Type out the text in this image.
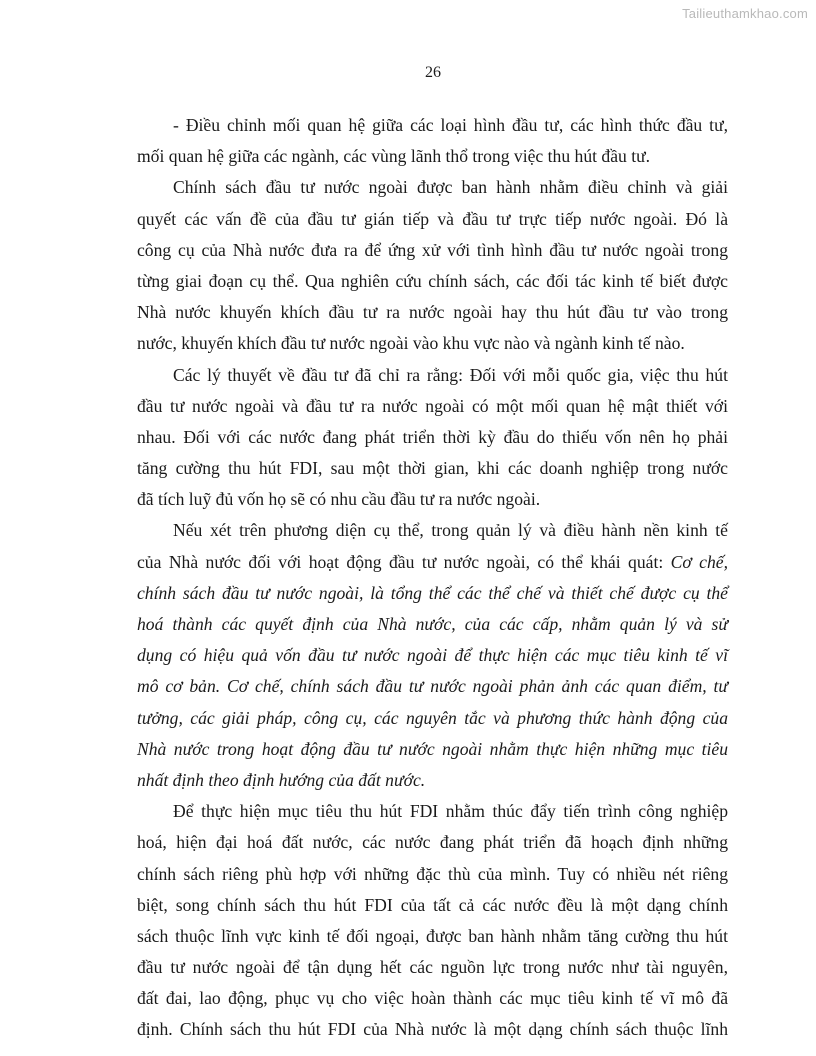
Tailieuthamkhao.com
26
- Điều chỉnh mối quan hệ giữa các loại hình đầu tư, các hình thức đầu tư,
mối quan hệ giữa các ngành, các vùng lãnh thổ trong việc thu hút đầu tư.
Chính sách đầu tư nước ngoài được ban hành nhằm điều chỉnh và giải
quyết các vấn đề của đầu tư gián tiếp và đầu tư trực tiếp nước ngoài. Đó là
công cụ của Nhà nước đưa ra để ứng xử với tình hình đầu tư nước ngoài trong
từng giai đoạn cụ thể. Qua nghiên cứu chính sách, các đối tác kinh tế biết được
Nhà nước khuyến khích đầu tư ra nước ngoài hay thu hút đầu tư vào trong
nước, khuyến khích đầu tư nước ngoài vào khu vực nào và ngành kinh tế nào.
Các lý thuyết về đầu tư đã chỉ ra rằng: Đối với mỗi quốc gia, việc thu hút
đầu tư nước ngoài và đầu tư ra nước ngoài có một mối quan hệ mật thiết với
nhau. Đối với các nước đang phát triển thời kỳ đầu do thiếu vốn nên họ phải
tăng cường thu hút FDI, sau một thời gian, khi các doanh nghiệp trong nước
đã tích luỹ đủ vốn họ sẽ có nhu cầu đầu tư ra nước ngoài.
Nếu xét trên phương diện cụ thể, trong quản lý và điều hành nền kinh tế
của Nhà nước đối với hoạt động đầu tư nước ngoài, có thể khái quát: Cơ chế,
chính sách đầu tư nước ngoài, là tổng thể các thể chế và thiết chế được cụ thể
hoá thành các quyết định của Nhà nước, của các cấp, nhằm quản lý và sử
dụng có hiệu quả vốn đầu tư nước ngoài để thực hiện các mục tiêu kinh tế vĩ
mô cơ bản. Cơ chế, chính sách đầu tư nước ngoài phản ảnh các quan điểm, tư
tưởng, các giải pháp, công cụ, các nguyên tắc và phương thức hành động của
Nhà nước trong hoạt động đầu tư nước ngoài nhằm thực hiện những mục tiêu
nhất định theo định hướng của đất nước.
Để thực hiện mục tiêu thu hút FDI nhằm thúc đẩy tiến trình công nghiệp
hoá, hiện đại hoá đất nước, các nước đang phát triển đã hoạch định những
chính sách riêng phù hợp với những đặc thù của mình. Tuy có nhiều nét riêng
biệt, song chính sách thu hút FDI của tất cả các nước đều là một dạng chính
sách thuộc lĩnh vực kinh tế đối ngoại, được ban hành nhằm tăng cường thu hút
đầu tư nước ngoài để tận dụng hết các nguồn lực trong nước như tài nguyên,
đất đai, lao động, phục vụ cho việc hoàn thành các mục tiêu kinh tế vĩ mô đã
định. Chính sách thu hút FDI của Nhà nước là một dạng chính sách thuộc lĩnh
